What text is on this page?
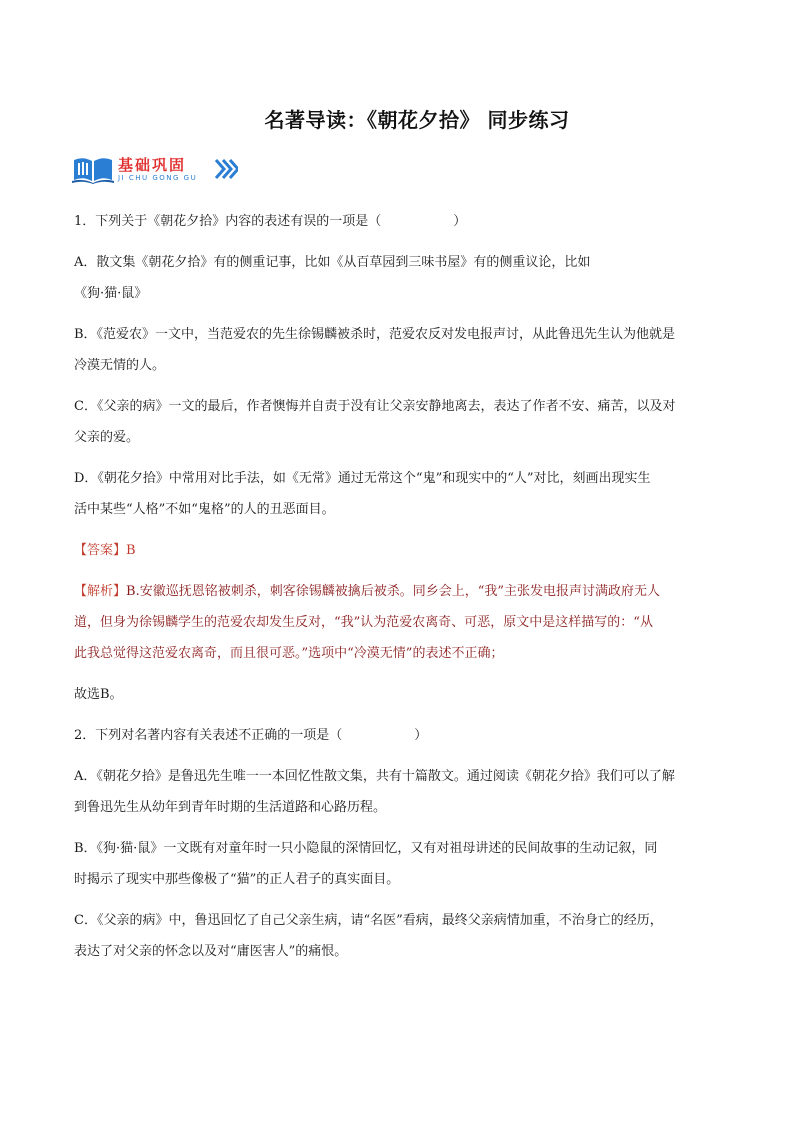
名著导读：《朝花夕拾》 同步练习
基础巩固
JI CHU GONG GU
1．下列关于《朝花夕拾》内容的表述有误的一项是（	）
A．散文集《朝花夕拾》有的侧重记事，比如《从百草园到三味书屋》有的侧重议论，比如
《狗·猫·鼠》
B．《范爱农》一文中，当范爱农的先生徐锡麟被杀时，范爱农反对发电报声讨，从此鲁迅先生认为他就是
冷漠无情的人。
C．《父亲的病》一文的最后，作者懊悔并自责于没有让父亲安静地离去，表达了作者不安、痛苦，以及对
父亲的爱。
D．《朝花夕拾》中常用对比手法，如《无常》通过无常这个“鬼”和现实中的“人”对比，刻画出现实生
活中某些“人格”不如“鬼格”的人的丑恶面目。
【答案】B
【解析】B.安徽巡抚恩铭被刺杀，刺客徐锡麟被擒后被杀。同乡会上，“我”主张发电报声讨满政府无人
道，但身为徐锡麟学生的范爱农却发生反对，“我”认为范爱农离奇、可恶，原文中是这样描写的：“从
此我总觉得这范爱农离奇，而且很可恶。”选项中“冷漠无情”的表述不正确；
故选B。
2．下列对名著内容有关表述不正确的一项是（	）
A．《朝花夕拾》是鲁迅先生唯一一本回忆性散文集，共有十篇散文。通过阅读《朝花夕拾》我们可以了解
到鲁迅先生从幼年到青年时期的生活道路和心路历程。
B．《狗·猫·鼠》一文既有对童年时一只小隐鼠的深情回忆，又有对祖母讲述的民间故事的生动记叙，同
时揭示了现实中那些像极了“猫”的正人君子的真实面目。
C．《父亲的病》中，鲁迅回忆了自己父亲生病，请“名医”看病，最终父亲病情加重，不治身亡的经历，
表达了对父亲的怀念以及对“庸医害人”的痛恨。
